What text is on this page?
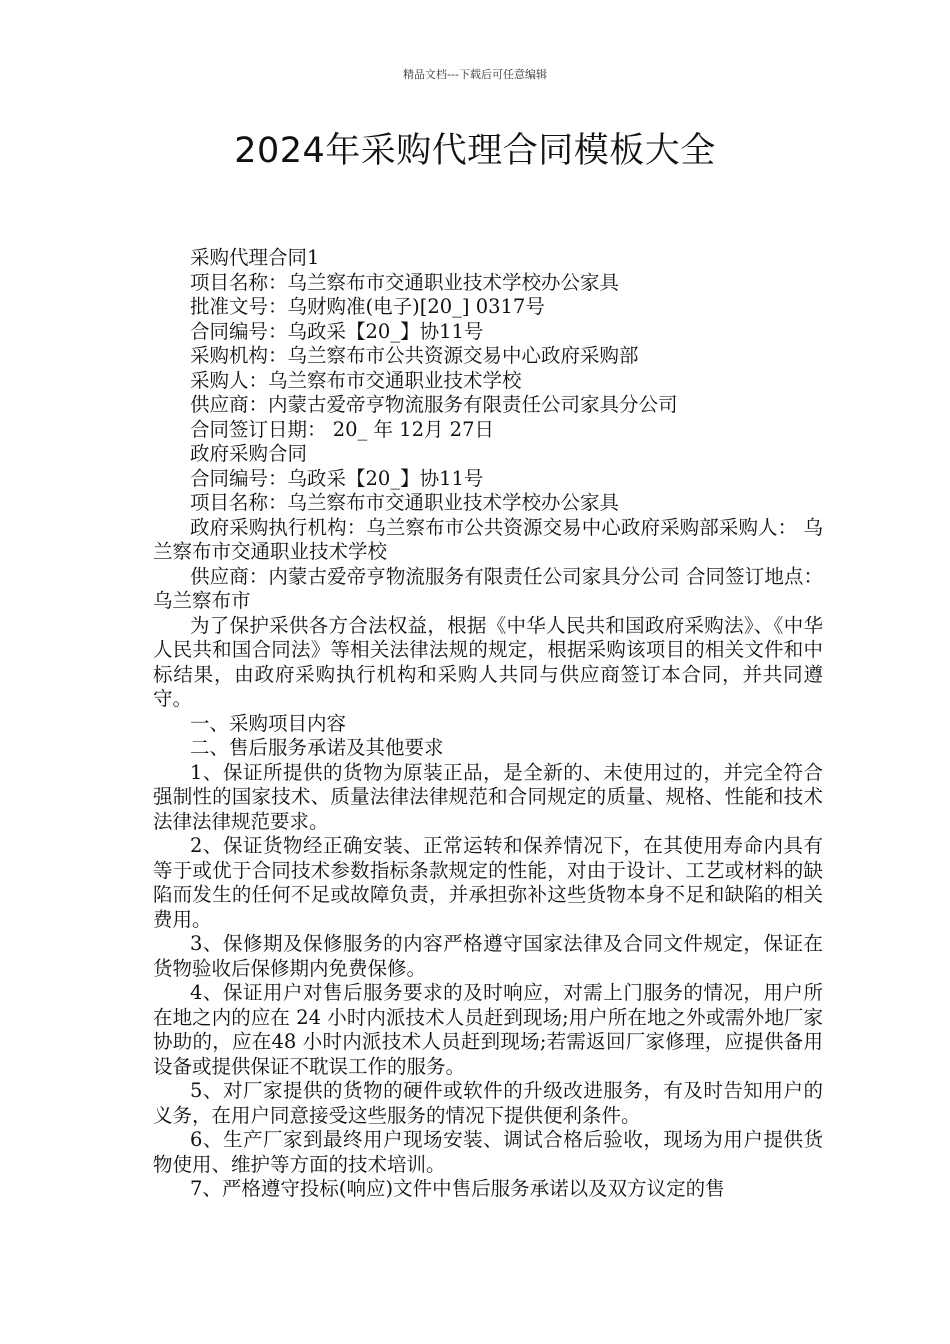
精品文档---下载后可任意编辑
2024年采购代理合同模板大全

采购代理合同1

项目名称：乌兰察布市交通职业技术学校办公家具

批准文号：乌财购准(电子)[20_] 0317号

合同编号：乌政采【20_】协11号

采购机构：乌兰察布市公共资源交易中心政府采购部

采购人：乌兰察布市交通职业技术学校

供应商：内蒙古爱帝亨物流服务有限责任公司家具分公司

合同签订日期： 20_ 年 12月 27日

政府采购合同

合同编号：乌政采【20_】协11号

项目名称：乌兰察布市交通职业技术学校办公家具

政府采购执行机构：乌兰察布市公共资源交易中心政府采购部采购人： 乌兰察布市交通职业技术学校

供应商：内蒙古爱帝亨物流服务有限责任公司家具分公司 合同签订地点：乌兰察布市

为了保护采供各方合法权益，根据《中华人民共和国政府采购法》、《中华人民共和国合同法》等相关法律法规的规定，根据采购该项目的相关文件和中标结果，由政府采购执行机构和采购人共同与供应商签订本合同，并共同遵守。

一、采购项目内容

二、售后服务承诺及其他要求

1、保证所提供的货物为原装正品，是全新的、未使用过的，并完全符合强制性的国家技术、质量法律法律规范和合同规定的质量、规格、性能和技术法律法律规范要求。

2、保证货物经正确安装、正常运转和保养情况下，在其使用寿命内具有等于或优于合同技术参数指标条款规定的性能，对由于设计、工艺或材料的缺陷而发生的任何不足或故障负责，并承担弥补这些货物本身不足和缺陷的相关费用。

3、保修期及保修服务的内容严格遵守国家法律及合同文件规定，保证在货物验收后保修期内免费保修。

4、保证用户对售后服务要求的及时响应，对需上门服务的情况，用户所在地之内的应在 24 小时内派技术人员赶到现场;用户所在地之外或需外地厂家协助的，应在48 小时内派技术人员赶到现场;若需返回厂家修理，应提供备用设备或提供保证不耽误工作的服务。

5、对厂家提供的货物的硬件或软件的升级改进服务，有及时告知用户的义务，在用户同意接受这些服务的情况下提供便利条件。

6、生产厂家到最终用户现场安装、调试合格后验收，现场为用户提供货物使用、维护等方面的技术培训。

7、严格遵守投标(响应)文件中售后服务承诺以及双方议定的售
